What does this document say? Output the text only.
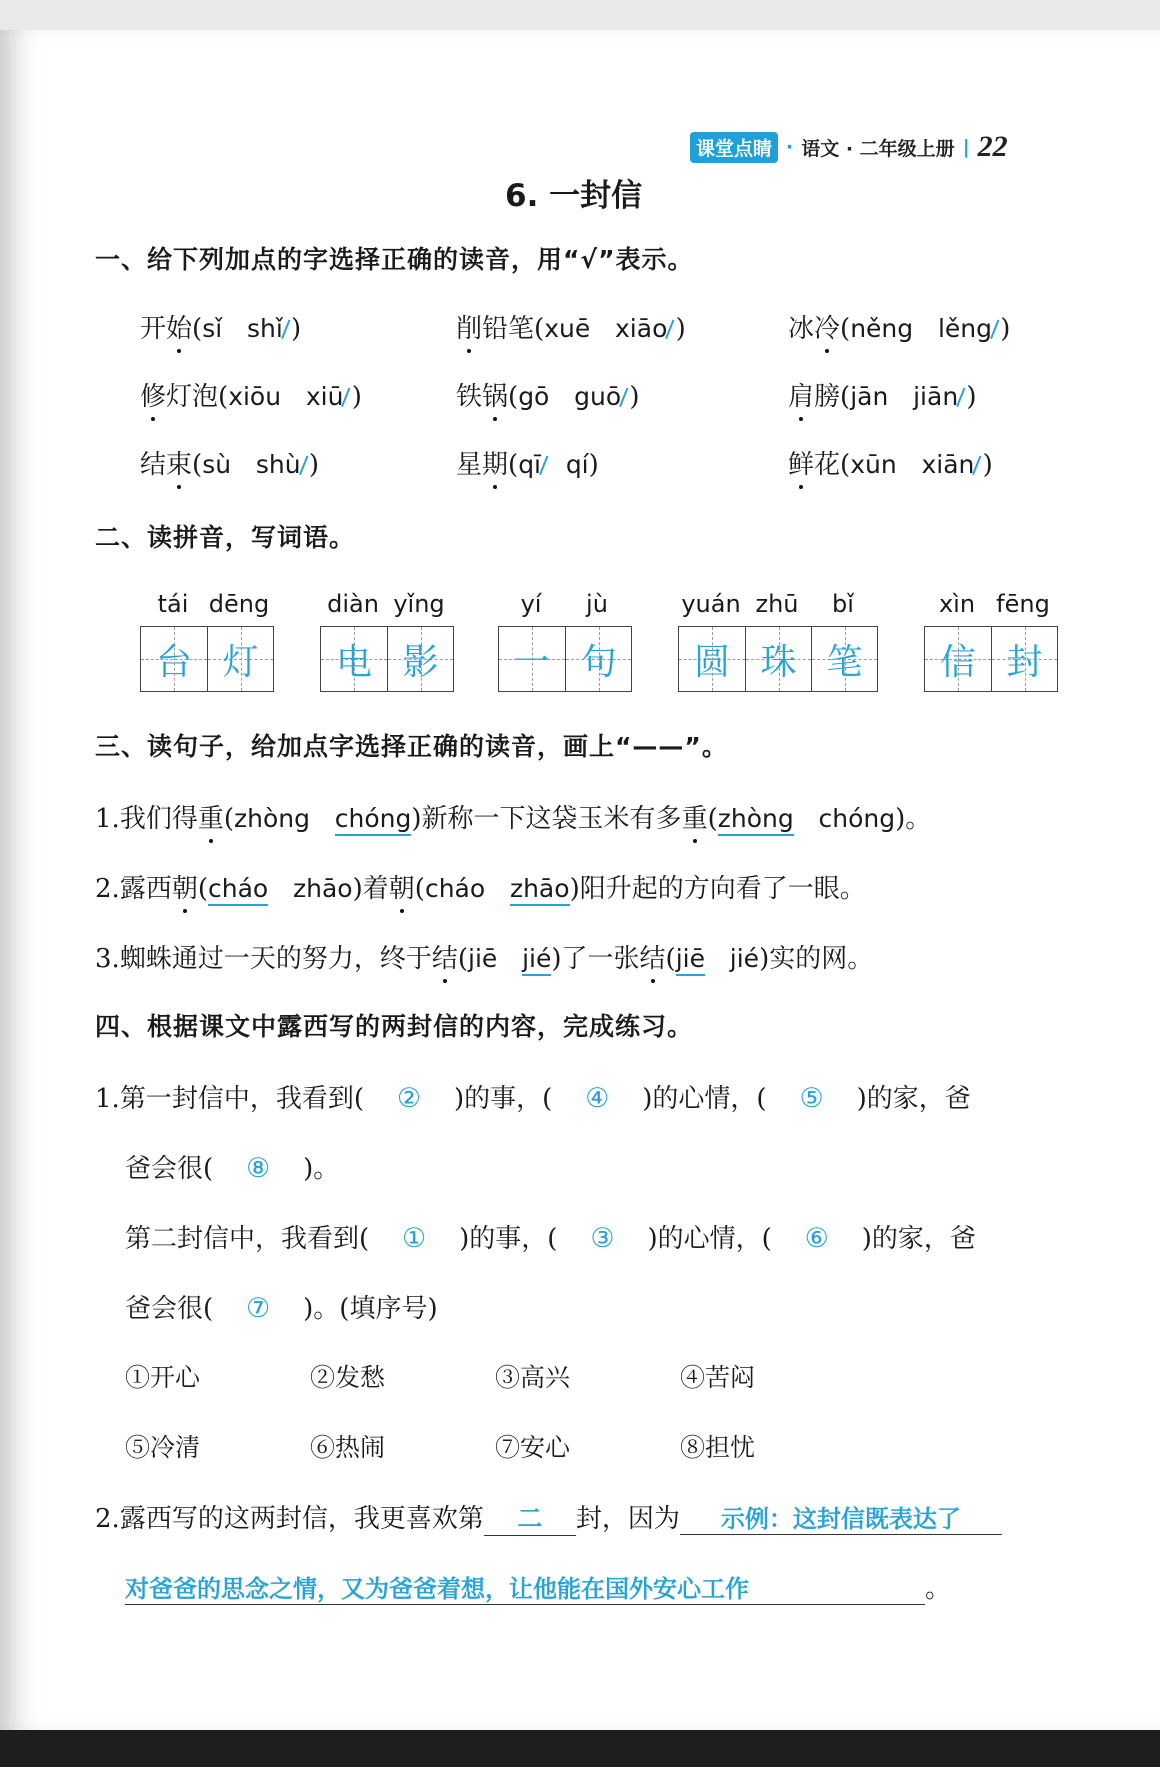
课堂点睛 · 语文 · 二年级上册 | 22
6. 一封信
一、给下列加点的字选择正确的读音，用“√”表示。
开始(sǐ shǐ )	削铅笔(xuē xiāo )	冰冷(něng lěng )
修灯泡(xiōu xiū )	铁锅(gō guō )	肩膀(jān jiān )
结束(sù shù )	星期(qī qí)	鲜花(xūn xiān )
二、读拼音，写词语。
tái dēng
台 灯
diàn yǐng
电 影
yí	jù
一 句
yuán zhū	bǐ
圆 珠 笔
xìn fēng
信 封
三、读句子，给加点字选择正确的读音，画上“——”。
1.我们得重(zhòng chóng)新称一下这袋玉米有多重(zhòng chóng)。
2.露西朝(cháo zhāo)着朝(cháo zhāo)阳升起的方向看了一眼。
3.蜘蛛通过一天的努力，终于结(jiē jié)了一张结(jiē jié)实的网。
四、根据课文中露西写的两封信的内容，完成练习。
1.第一封信中，我看到( ② )的事，( ④ )的心情，( ⑤ )的家，爸
爸会很( ⑧ )。
第二封信中，我看到( ① )的事，( ③ )的心情，( ⑥ )的家，爸
爸会很( ⑦ )。(填序号)
①开心	②发愁	③高兴	④苦闷
⑤冷清	⑥热闹	⑦安心	⑧担忧
2.露西写的这两封信，我更喜欢第 二 封，因为 示例：这封信既表达了
对爸爸的思念之情，又为爸爸着想，让他能在国外安心工作	。
